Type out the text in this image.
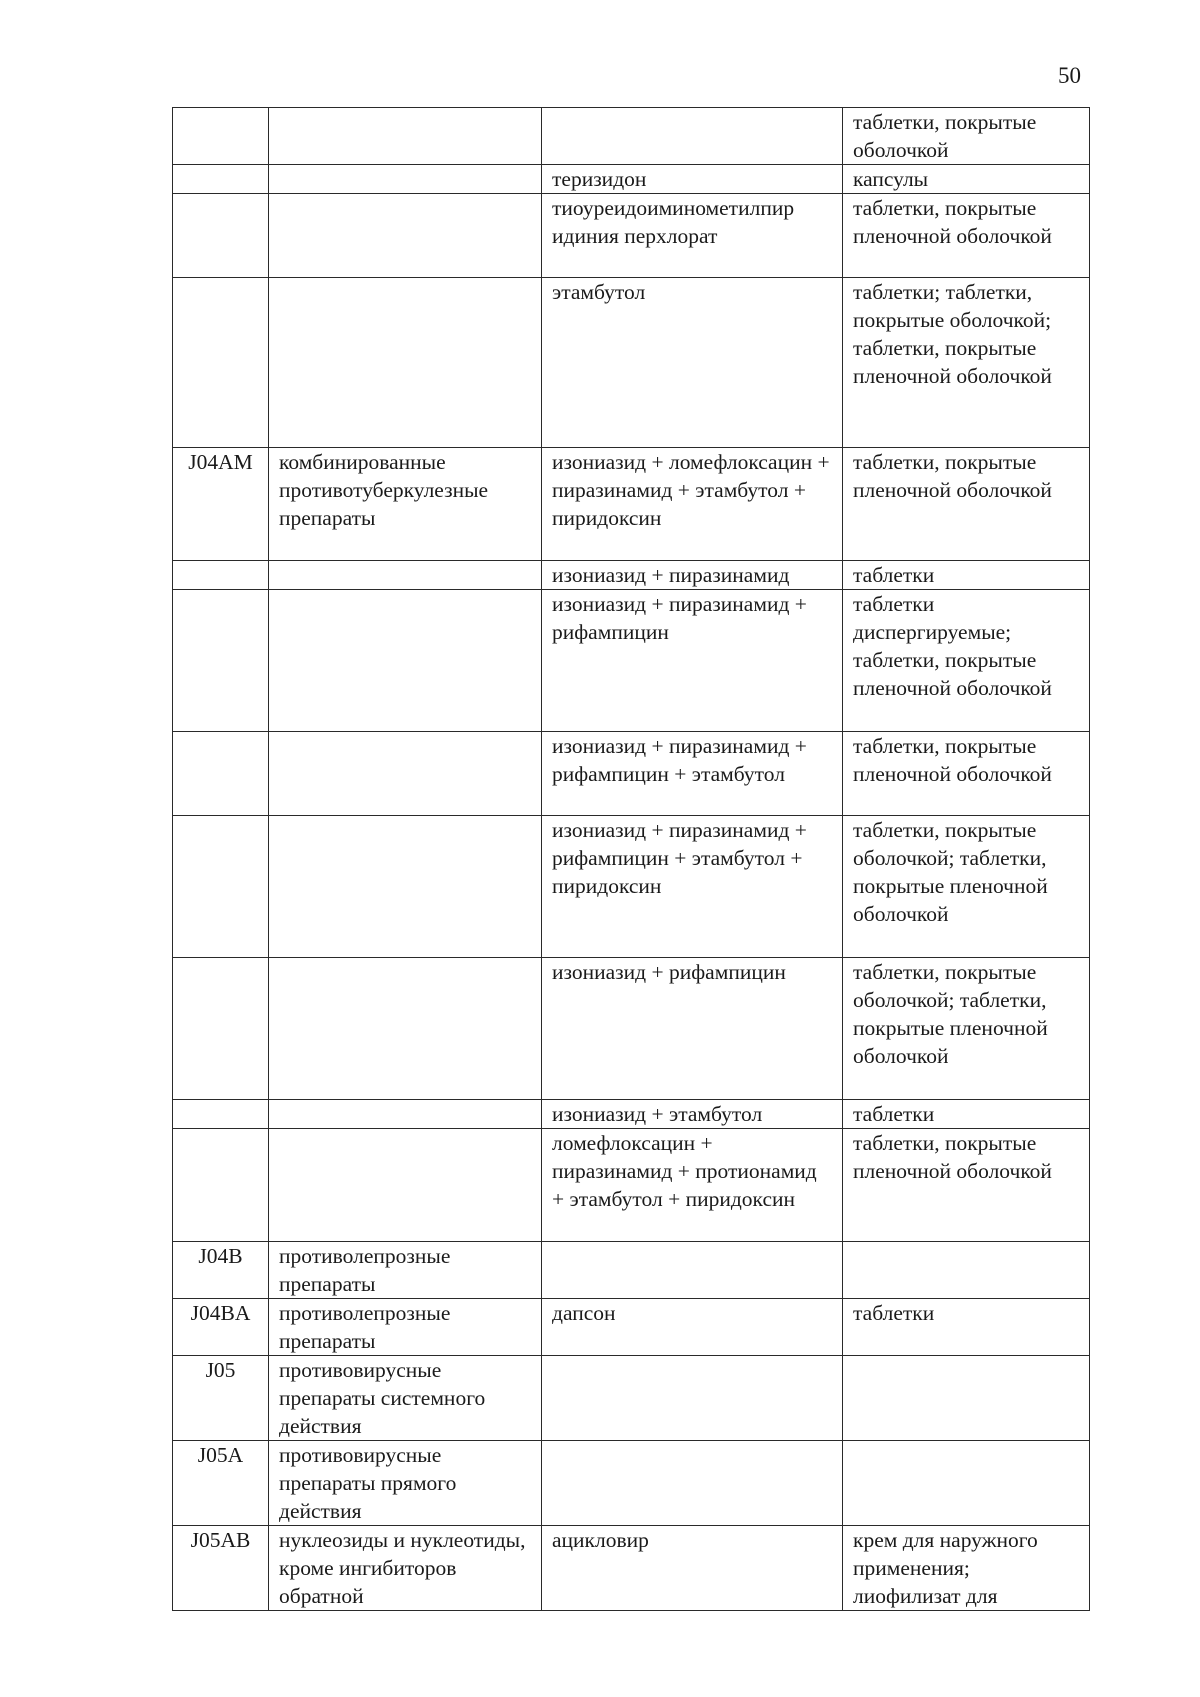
50
			таблетки, покрытые оболочкой
		теризидон	капсулы
		тиоуреидоиминометилпир идиния перхлорат	таблетки, покрытые пленочной оболочкой
		этамбутол	таблетки; таблетки, покрытые оболочкой; таблетки, покрытые пленочной оболочкой
J04AM	комбинированные противотуберкулезные препараты	изониазид + ломефлоксацин + пиразинамид + этамбутол + пиридоксин	таблетки, покрытые пленочной оболочкой
		изониазид + пиразинамид	таблетки
		изониазид + пиразинамид + рифампицин	таблетки диспергируемые; таблетки, покрытые пленочной оболочкой
		изониазид + пиразинамид + рифампицин + этамбутол	таблетки, покрытые пленочной оболочкой
		изониазид + пиразинамид + рифампицин + этамбутол + пиридоксин	таблетки, покрытые оболочкой; таблетки, покрытые пленочной оболочкой
		изониазид + рифампицин	таблетки, покрытые оболочкой; таблетки, покрытые пленочной оболочкой
		изониазид + этамбутол	таблетки
		ломефлоксацин + пиразинамид + протионамид + этамбутол + пиридоксин	таблетки, покрытые пленочной оболочкой
J04B	противолепрозные препараты		
J04BA	противолепрозные препараты	дапсон	таблетки
J05	противовирусные препараты системного действия		
J05A	противовирусные препараты прямого действия		
J05AB	нуклеозиды и нуклеотиды, кроме ингибиторов обратной	ацикловир	крем для наружного применения; лиофилизат для
